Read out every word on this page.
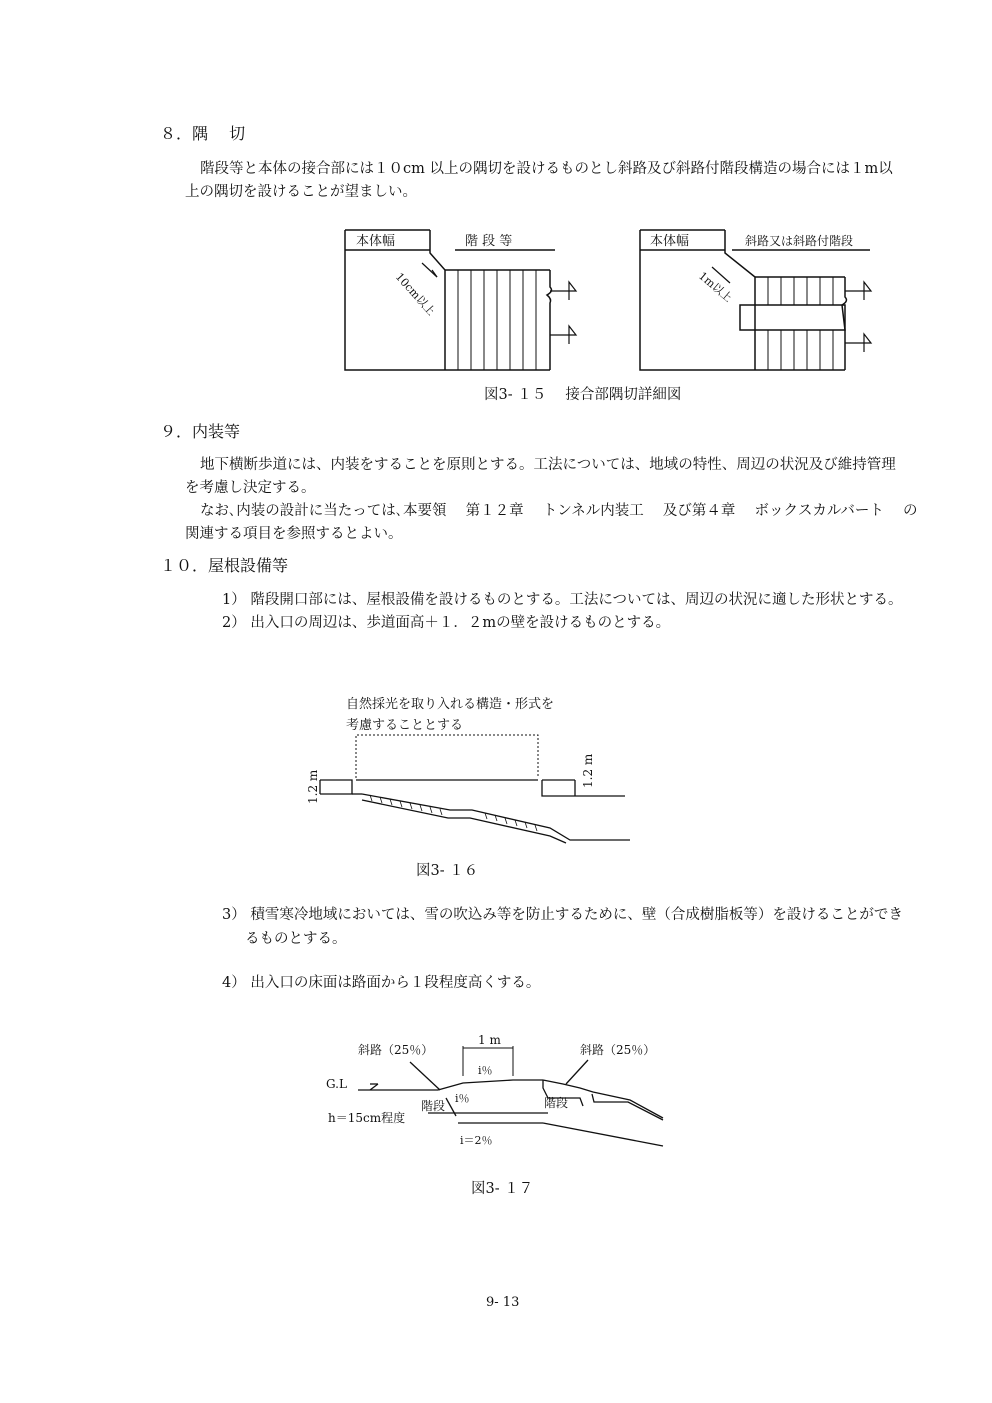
８．隅　 切
階段等と本体の接合部には１０cm 以上の隅切を設けるものとし斜路及び斜路付階段構造の場合には１m以
上の隅切を設けることが望ましい。
本体幅	階 段 等
10cm以上
本体幅	斜路又は斜路付階段
1m以上
図3- １５　 接合部隅切詳細図
９．内装等
地下横断歩道には、内装をすることを原則とする。工法については、地域の特性、周辺の状況及び維持管理
を考慮し決定する。
なお､内装の設計に当たっては､本要領　 第１２章　 トンネル内装工　 及び第４章　 ボックスカルバート　 の
関連する項目を参照するとよい。
１０．屋根設備等
1） 階段開口部には、屋根設備を設けるものとする。工法については、周辺の状況に適した形状とする。
2） 出入口の周辺は、歩道面高＋１．２mの壁を設けるものとする。
自然採光を取り入れる構造・形式を
考慮することとする
1.2 m	1.2 m
図3- １６
3） 積雪寒冷地域においては、雪の吹込み等を防止するために、壁（合成樹脂板等）を設けることができ
るものとする。
4） 出入口の床面は路面から１段程度高くする。
1 m
斜路（25％）	斜路（25％）
i％
G.L
階段
i％	階段
h＝15cm程度
i＝2％
図3- １７
9- 13
